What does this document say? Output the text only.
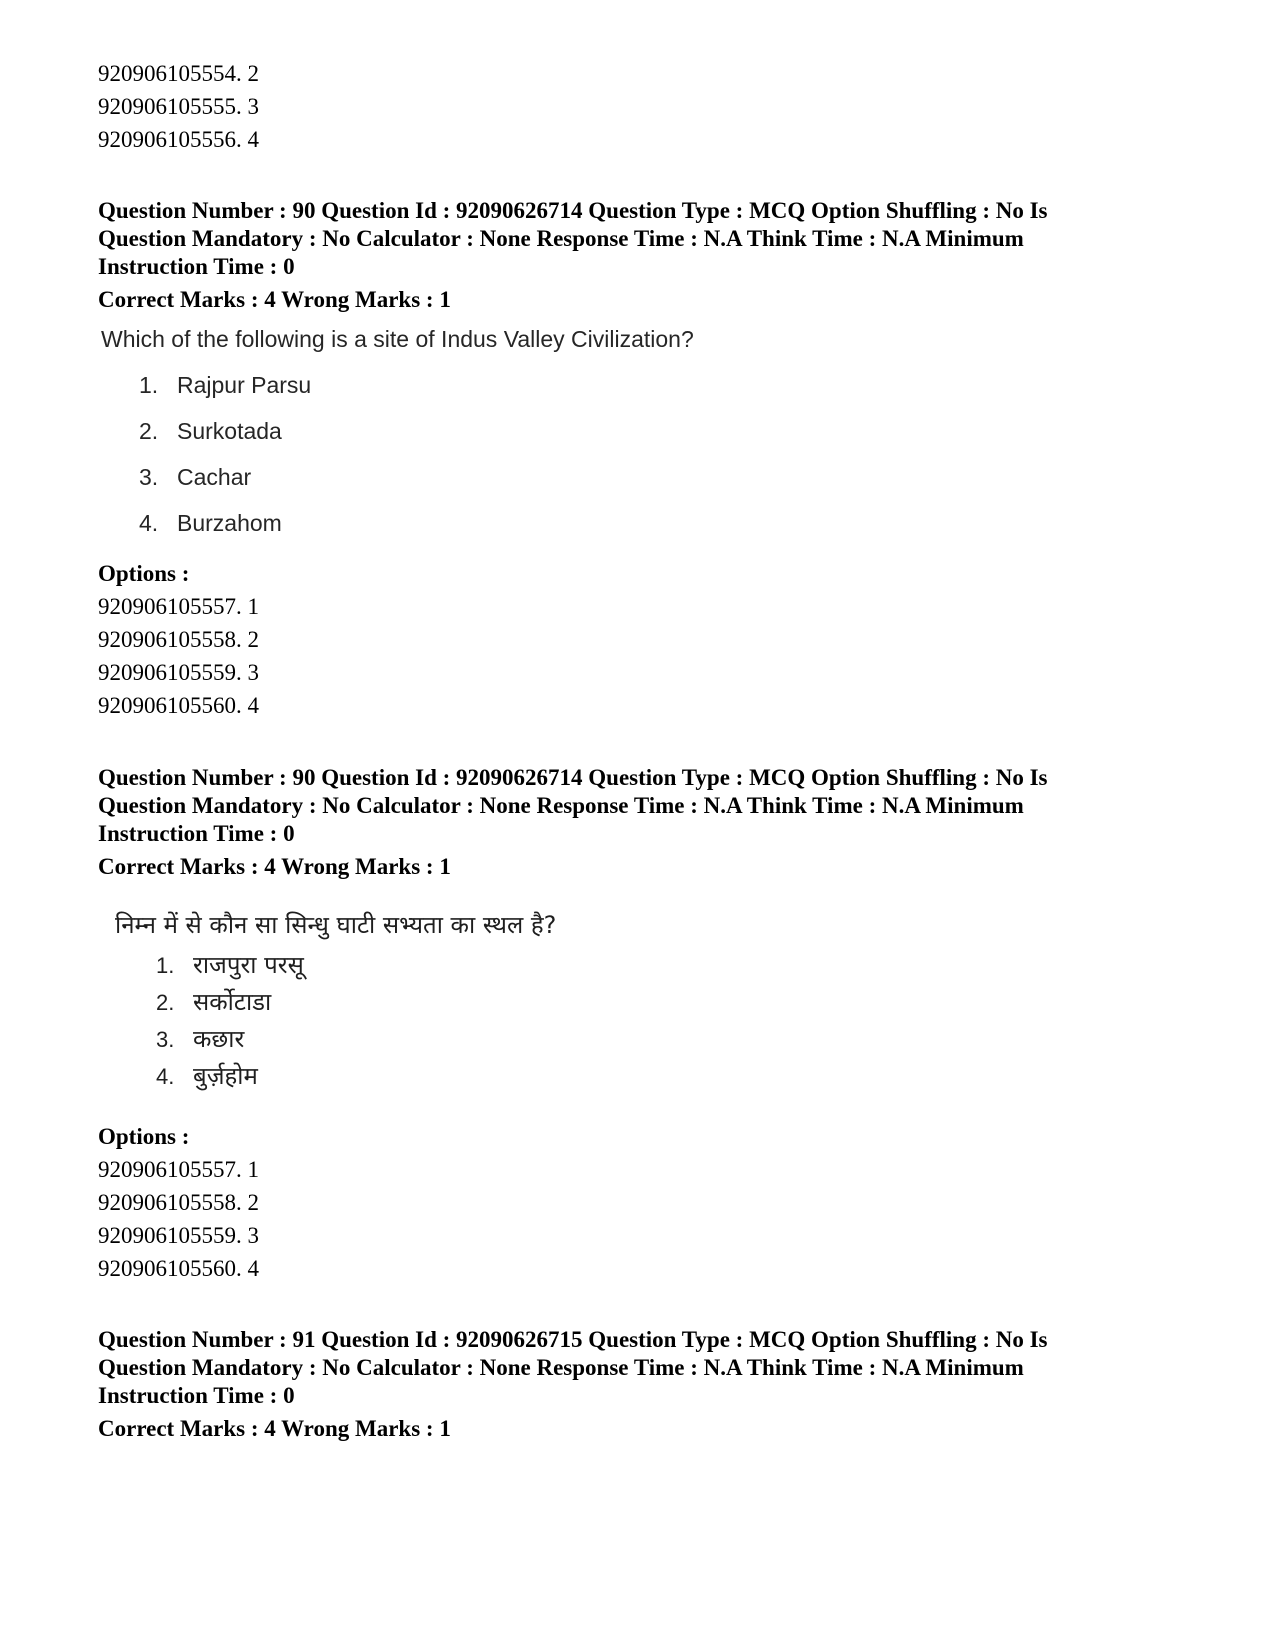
920906105554. 2
920906105555. 3
920906105556. 4
Question Number : 90 Question Id : 92090626714 Question Type : MCQ Option Shuffling : No Is
Question Mandatory : No Calculator : None Response Time : N.A Think Time : N.A Minimum
Instruction Time : 0
Correct Marks : 4 Wrong Marks : 1
Which of the following is a site of Indus Valley Civilization?
1. Rajpur Parsu
2. Surkotada
3. Cachar
4. Burzahom
Options :
920906105557. 1
920906105558. 2
920906105559. 3
920906105560. 4
Question Number : 90 Question Id : 92090626714 Question Type : MCQ Option Shuffling : No Is
Question Mandatory : No Calculator : None Response Time : N.A Think Time : N.A Minimum
Instruction Time : 0
Correct Marks : 4 Wrong Marks : 1
निम्न में से कौन सा सिन्धु घाटी सभ्यता का स्थल है?
1. राजपुरा परसू
2. सर्कोटाडा
3. कछार
4. बुर्ज़होम
Options :
920906105557. 1
920906105558. 2
920906105559. 3
920906105560. 4
Question Number : 91 Question Id : 92090626715 Question Type : MCQ Option Shuffling : No Is
Question Mandatory : No Calculator : None Response Time : N.A Think Time : N.A Minimum
Instruction Time : 0
Correct Marks : 4 Wrong Marks : 1
